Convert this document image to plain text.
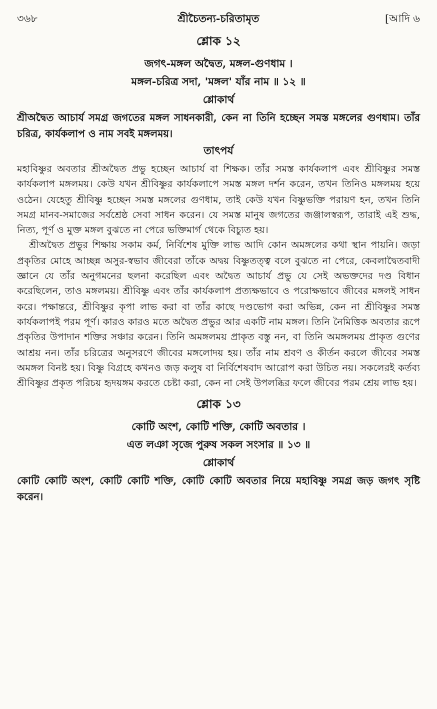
৩৬৮	শ্রীচৈতন্য-চরিতামৃত	[আদি ৬
শ্লোক ১২
জগৎ-মঙ্গল অদ্বৈত, মঙ্গল-গুণধাম ।
মঙ্গল-চরিত্র সদা, 'মঙ্গল' যাঁর নাম ॥ ১২ ॥
শ্লোকার্থ
শ্রীঅদ্বৈত আচার্য সমগ্র জগতের মঙ্গল সাধনকারী, কেন না তিনি হচ্ছেন সমস্ত মঙ্গলের গুণধাম। তাঁর চরিত্র, কার্যকলাপ ও নাম সবই মঙ্গলময়।
তাৎপর্য

মহাবিষ্ণুর অবতার শ্রীঅদ্বৈত প্রভু হচ্ছেন আচার্য বা শিক্ষক। তাঁর সমস্ত কার্যকলাপ এবং শ্রীবিষ্ণুর সমস্ত কার্যকলাপ মঙ্গলময়। কেউ যখন শ্রীবিষ্ণুর কার্যকলাপে সমস্ত মঙ্গল দর্শন করেন, তখন তিনিও মঙ্গলময় হয়ে ওঠেন। যেহেতু শ্রীবিষ্ণু হচ্ছেন সমস্ত মঙ্গলের গুণধাম, তাই কেউ যখন বিষ্ণুভক্তি পরায়ণ হন, তখন তিনি সমগ্র মানব-সমাজের সর্বশ্রেষ্ঠ সেবা সাধন করেন। যে সমস্ত মানুষ জগতের জঞ্জালস্বরূপ, তারাই এই শুদ্ধ, নিত্য, পূর্ণ ও মুক্ত মঙ্গল বুঝতে না পেরে ভক্তিমার্গ থেকে বিচ্যুত হয়।

শ্রীঅদ্বৈত প্রভুর শিক্ষায় সকাম কর্ম, নির্বিশেষ মুক্তি লাভ আদি কোন অমঙ্গলের কথা স্থান পায়নি। জড়া প্রকৃতির মোহে আচ্ছন্ন অসুর-স্বভাব জীবেরা তাঁকে অদ্বয় বিষ্ণুতত্ত্ব বলে বুঝতে না পেরে, কেবলাদ্বৈতবাদী জ্ঞানে যে তাঁর অনুগমনের ছলনা করেছিল এবং অদ্বৈত আচার্য প্রভু যে সেই অভক্তদের দণ্ড বিধান করেছিলেন, তাও মঙ্গলময়। শ্রীবিষ্ণু এবং তাঁর কার্যকলাপ প্রত্যক্ষভাবে ও পরোক্ষভাবে জীবের মঙ্গলই সাধন করে। পক্ষান্তরে, শ্রীবিষ্ণুর কৃপা লাভ করা বা তাঁর কাছে দণ্ডভোগ করা অভিন্ন, কেন না শ্রীবিষ্ণুর সমস্ত কার্যকলাপই পরম পূর্ণ। কারও কারও মতে অদ্বৈত প্রভুর আর একটি নাম মঙ্গল। তিনি নৈমিত্তিক অবতার রূপে প্রকৃতির উপাদান শক্তির সঞ্চার করেন। তিনি অমঙ্গলময় প্রাকৃত বস্তু নন, বা তিনি অমঙ্গলময় প্রাকৃত গুণের আশ্রয় নন। তাঁর চরিত্রের অনুসরণে জীবের মঙ্গলোদয় হয়। তাঁর নাম শ্রবণ ও কীর্তন করলে জীবের সমস্ত অমঙ্গল বিনষ্ট হয়। বিষ্ণু বিগ্রহে কখনও জড় কলুষ বা নির্বিশেষবাদ আরোপ করা উচিত নয়। সকলেরই কর্তব্য শ্রীবিষ্ণুর প্রকৃত পরিচয় হৃদয়ঙ্গম করতে চেষ্টা করা, কেন না সেই উপলব্ধির ফলে জীবের পরম শ্রেয় লাভ হয়।

শ্লোক ১৩
কোটি অংশ, কোটি শক্তি, কোটি অবতার ।
এত লঞা সৃজে পুরুষ সকল সংসার ॥ ১৩ ॥
শ্লোকার্থ
কোটি কোটি অংশ, কোটি কোটি শক্তি, কোটি কোটি অবতার নিয়ে মহাবিষ্ণু সমগ্র জড় জগৎ সৃষ্টি করেন।
